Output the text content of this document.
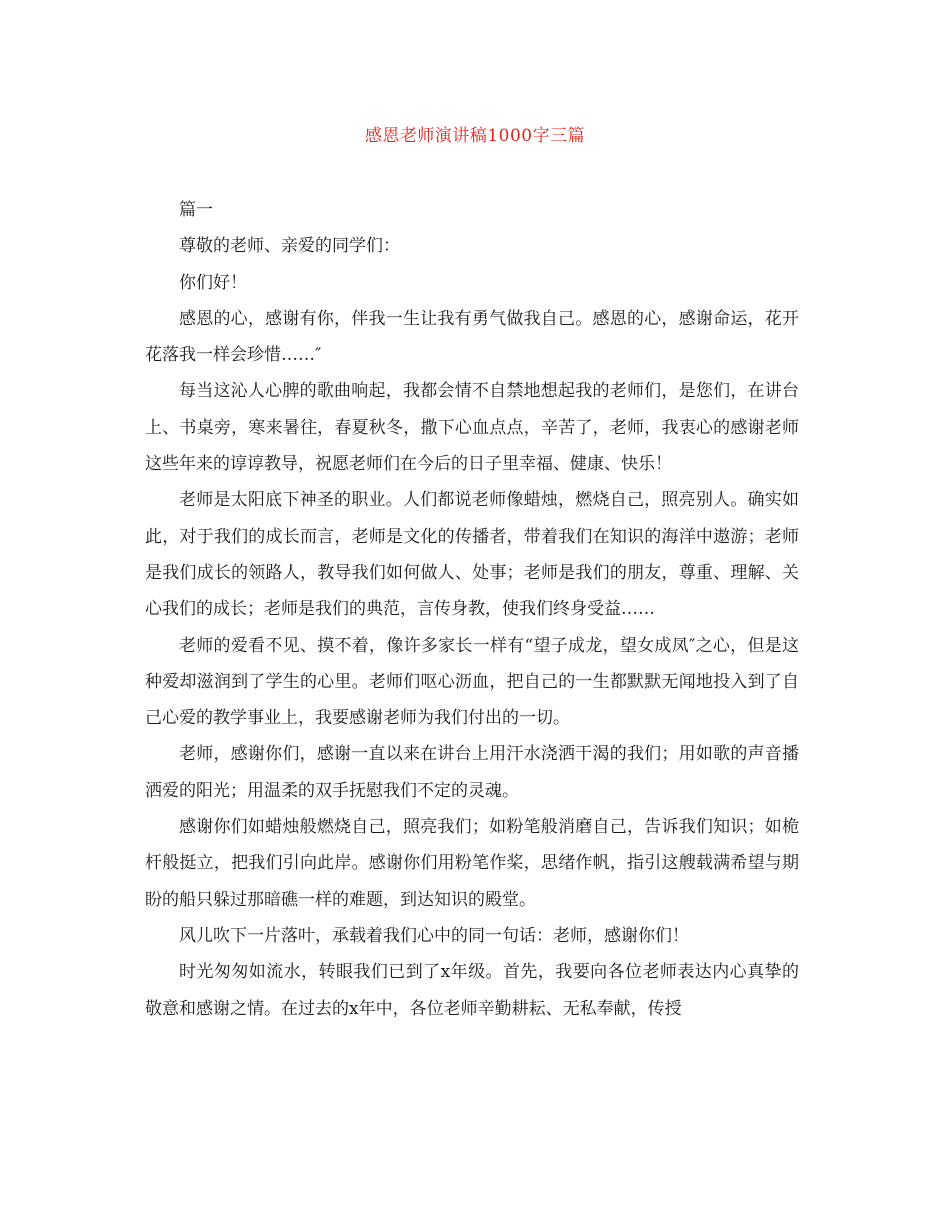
感恩老师演讲稿1000字三篇

篇一

尊敬的老师、亲爱的同学们：

你们好！

感恩的心，感谢有你，伴我一生让我有勇气做我自己。感恩的心，感谢命运，花开花落我一样会珍惜……″

每当这沁人心脾的歌曲响起，我都会情不自禁地想起我的老师们，是您们，在讲台上、书桌旁，寒来暑往，春夏秋冬，撒下心血点点，辛苦了，老师，我衷心的感谢老师这些年来的谆谆教导，祝愿老师们在今后的日子里幸福、健康、快乐！

老师是太阳底下神圣的职业。人们都说老师像蜡烛，燃烧自己，照亮别人。确实如此，对于我们的成长而言，老师是文化的传播者，带着我们在知识的海洋中遨游；老师是我们成长的领路人，教导我们如何做人、处事；老师是我们的朋友，尊重、理解、关心我们的成长；老师是我们的典范，言传身教，使我们终身受益……

老师的爱看不见、摸不着，像许多家长一样有“望子成龙，望女成凤″之心，但是这种爱却滋润到了学生的心里。老师们呕心沥血，把自己的一生都默默无闻地投入到了自己心爱的教学事业上，我要感谢老师为我们付出的一切。

老师，感谢你们，感谢一直以来在讲台上用汗水浇洒干渴的我们；用如歌的声音播洒爱的阳光；用温柔的双手抚慰我们不定的灵魂。

感谢你们如蜡烛般燃烧自己，照亮我们；如粉笔般消磨自己，告诉我们知识；如桅杆般挺立，把我们引向此岸。感谢你们用粉笔作桨，思绪作帆，指引这艘载满希望与期盼的船只躲过那暗礁一样的难题，到达知识的殿堂。

风儿吹下一片落叶，承载着我们心中的同一句话：老师，感谢你们！

时光匆匆如流水，转眼我们已到了x年级。首先，我要向各位老师表达内心真挚的敬意和感谢之情。在过去的x年中，各位老师辛勤耕耘、无私奉献，传授
